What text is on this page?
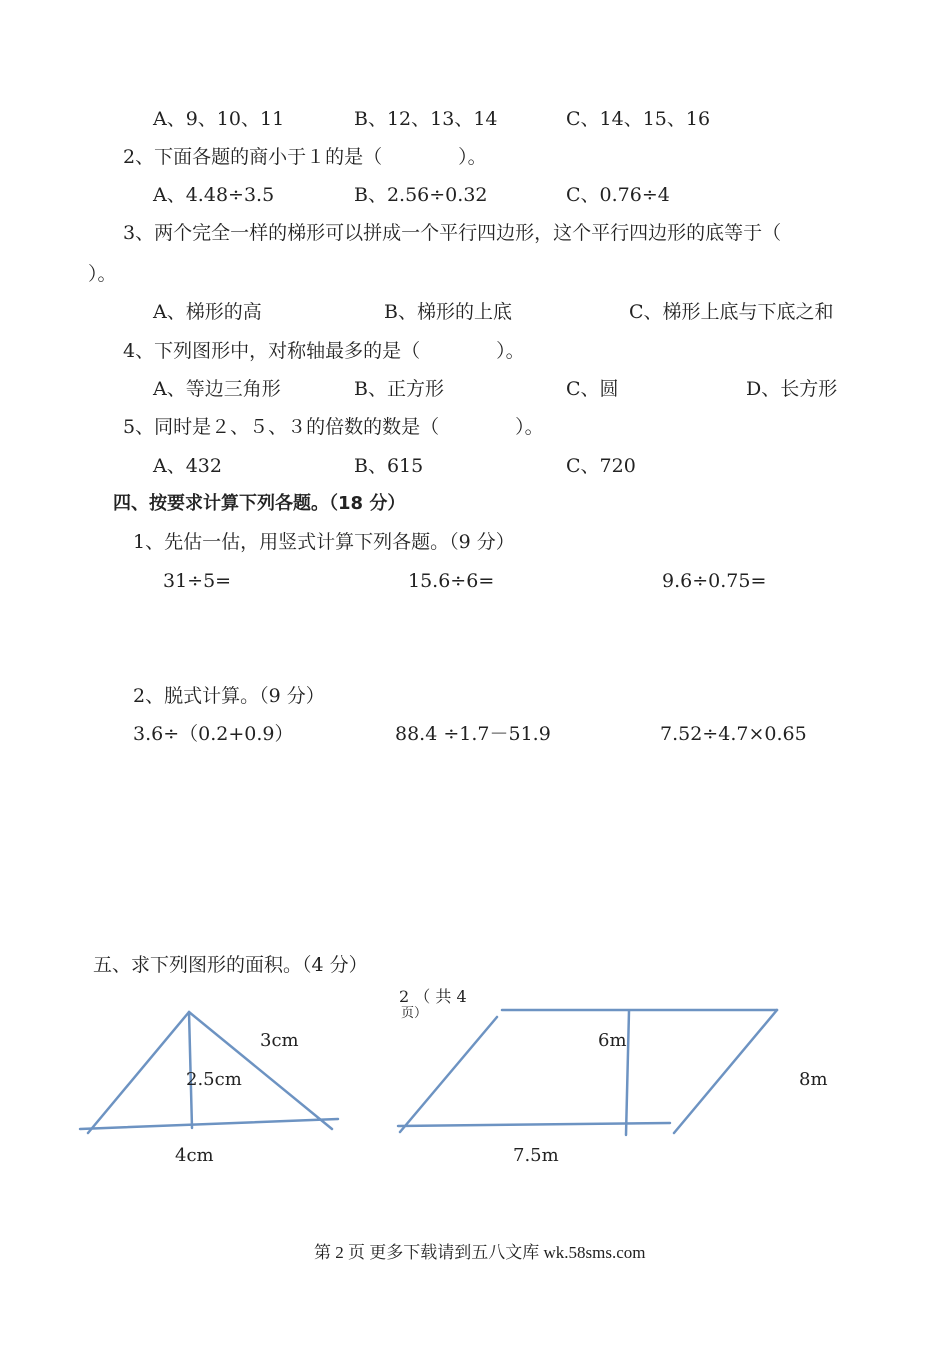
A、9、10、11	B、12、13、14	C、14、15、16
2、下面各题的商小于１的是（　　　　）。
A、4.48÷3.5	B、2.56÷0.32	C、0.76÷4
3、两个完全一样的梯形可以拼成一个平行四边形，这个平行四边形的底等于（
）。
A、梯形的高	B、梯形的上底	C、梯形上底与下底之和
4、下列图形中，对称轴最多的是（　　　　）。
A、等边三角形	B、正方形	C、圆	D、长方形
5、同时是２、５、３的倍数的数是（　　　　）。
A、432	B、615	C、720
四、按要求计算下列各题。（18 分）
1、先估一估，用竖式计算下列各题。（9 分）
31÷5=	15.6÷6=	9.6÷0.75=
2、脱式计算。（9 分）
3.6÷（0.2+0.9）	88.4 ÷1.7－51.9	7.52÷4.7×0.65
五、求下列图形的面积。（4 分）
3cm
2.5cm
4cm
6m
8m
7.5m
2 （ 共 4
页）
第 2 页 更多下载请到五八文库 wk.58sms.com
